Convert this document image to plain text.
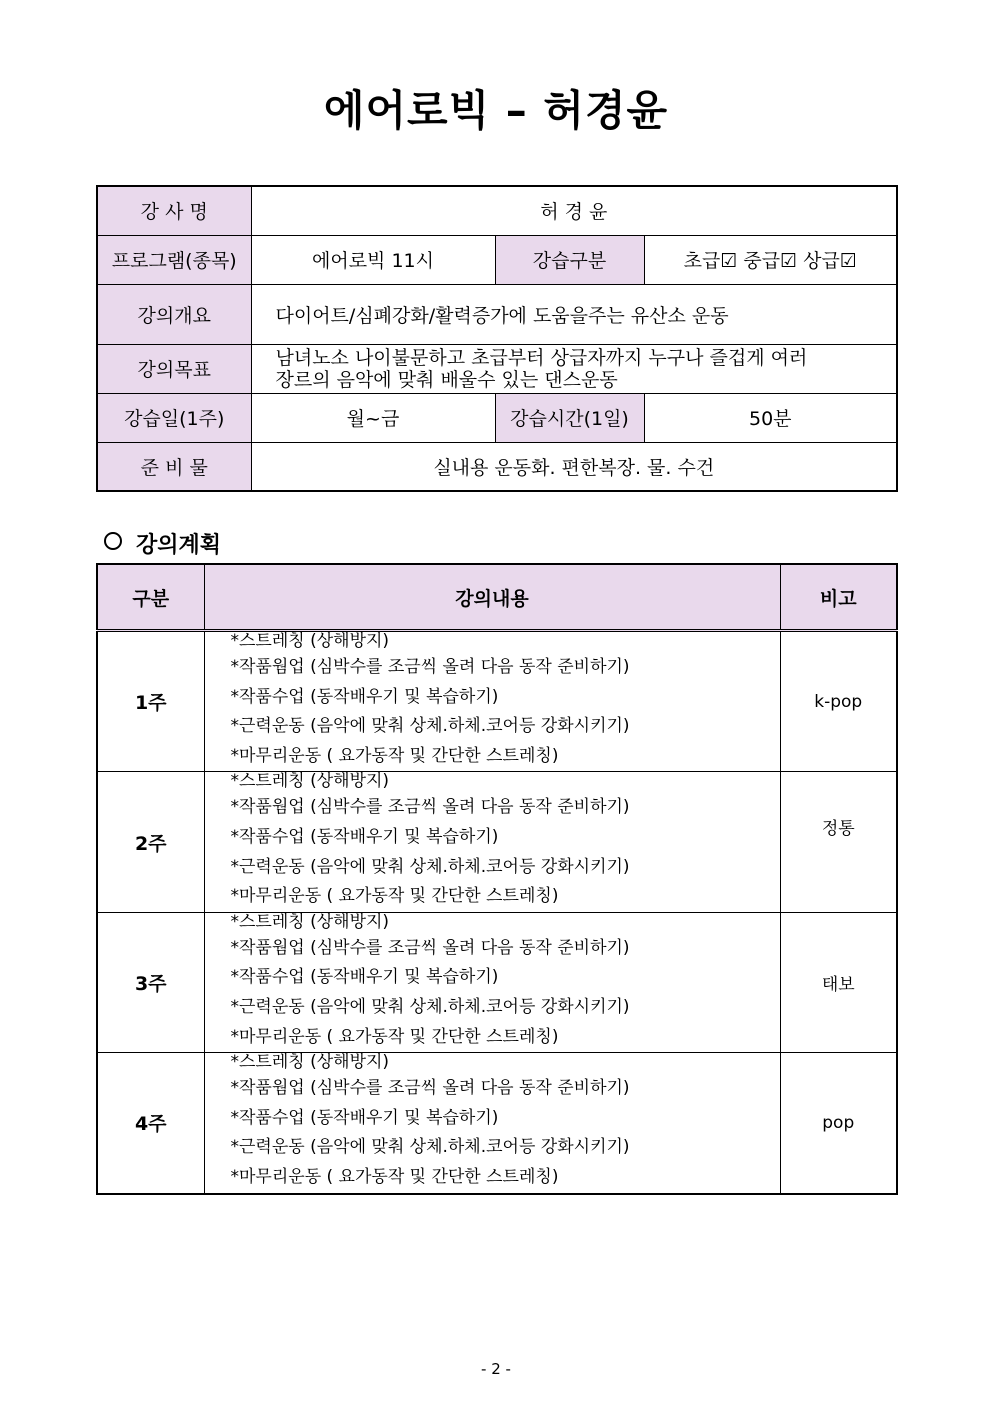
에어로빅 – 허경윤
강 사 명	허 경 윤		
프로그램(종목)	에어로빅 11시	강습구분	초급☑ 중급☑ 상급☑
강의개요	다이어트/심폐강화/활력증가에 도움을주는 유산소 운동		
강의목표	남녀노소 나이불문하고 초급부터 상급자까지 누구나 즐겁게 여러
장르의 음악에 맞춰 배울수 있는 댄스운동		

강습일(1주)	월~금	강습시간(1일)	50분
준 비 물	실내용 운동화. 편한복장. 물. 수건		
강의계획
구분	강의내용	비고
1주	*스트레칭 (상해방지)
*작품웜업 (심박수를 조금씩 올려 다음 동작 준비하기)
*작품수업 (동작배우기 및 복습하기)
*근력운동 (음악에 맞춰 상체.하체.코어등 강화시키기)
*마무리운동 ( 요가동작 및 간단한 스트레칭)	k-pop
2주	*스트레칭 (상해방지)
*작품웜업 (심박수를 조금씩 올려 다음 동작 준비하기)
*작품수업 (동작배우기 및 복습하기)
*근력운동 (음악에 맞춰 상체.하체.코어등 강화시키기)
*마무리운동 ( 요가동작 및 간단한 스트레칭)	정통
3주	*스트레칭 (상해방지)
*작품웜업 (심박수를 조금씩 올려 다음 동작 준비하기)
*작품수업 (동작배우기 및 복습하기)
*근력운동 (음악에 맞춰 상체.하체.코어등 강화시키기)
*마무리운동 ( 요가동작 및 간단한 스트레칭)	태보
4주	*스트레칭 (상해방지)
*작품웜업 (심박수를 조금씩 올려 다음 동작 준비하기)
*작품수업 (동작배우기 및 복습하기)
*근력운동 (음악에 맞춰 상체.하체.코어등 강화시키기)
*마무리운동 ( 요가동작 및 간단한 스트레칭)	pop
- 2 -
